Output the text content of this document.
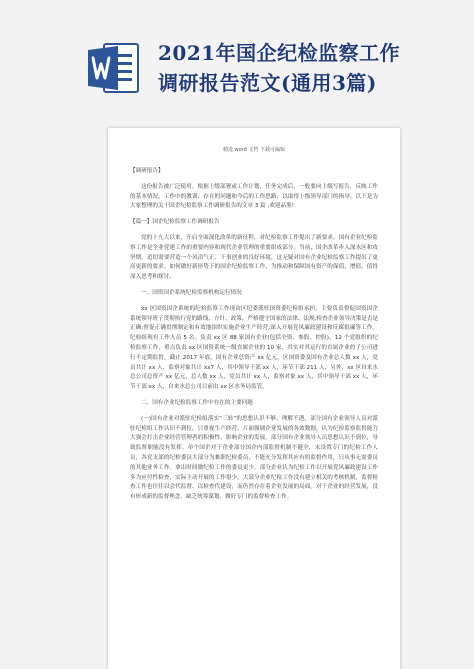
2021年国企纪检监察工作
调研报告范文(通用3篇)
精选 word 文档 下载可编辑

【调研报告】

这份报告被广泛使用。根据上级部署或工作计划，任务完成后，一般要向上级写报告，反映工作的基本情况、工作中的教训、存在的问题和今后的工作思路，以取得上级领导部门的指导。以下是为大家整理的关于国企纪检监察工作调研报告的文章 3 篇 ,欢迎品鉴!

【篇一】国企纪检监察工作调研报告

党的十九大以来，开启全面深化改革的新征程，对纪检监察工作提出了新要求。国有企业纪检监察工作是全业党建工作的重要内容和现代企业管理的重要组成部分。当前，国企改革步入深水区和攻坚期，追切需要营造一个风清气正、干事创业的良好环境，这无疑对国有企业纪检监察工作提出了更高更新的要求。如何做好新形势下的国企纪检监察工作，为推动和保障国有资产的保值、增值，值得深入思考和探讨。

一、国资国企系统纪检监察机构运行情况

xx 区国资国企系统的纪检监察工作现由区纪委派驻国资委纪检组承担，主要负责督促国资国企系统领导班子贯彻执行党的路线、方针、政策，严格遵守国家的法律、法规;检查企业领导决策是否是正确;督促正确贯彻制定和有效地组织实施企业生产经营;深入开展党风廉政建设和反腐倡廉等工作。纪检组现有工作人员 5 名。负责 xx 区 88 家国有企业(包括全资、参股、控股)、12 个党组织的纪检监察工作，重点负责 xx 区国资系统一级直属企业的 10 家，其实对其运行的直属企业的子公司进行不定期监督。截止 2017 年底，国有企业总资产 xx 亿元，区国资委及国有企业总人数 xx 人，党员共计 xx 人，监察对象共计 xx7 人，其中领导干部 xx 人，环节干部 211 人，另外，xx 区自来水总公司总资产 xx 亿元，总人数 xx 人，党员共计 xx 人，监察对象 xx 人，其中领导干部 xx 人，环节干部 xx 人，自来水总公司目前由 xx 区水务局监管。

二、国有企业纪检监察工作中存在的主要问题

(一)国有企业对派驻纪检组落实“三转”的思想认识不够、理解不透，部分国有企业领导人员对派驻纪检组工作认识不到位，只重视生产经营，片面强调企业发展的各效数据，认为纪检监察监督能力大强会打击企业经营管理者的积极性，影响企业的发展。部分国有企业领导人员思想认识不到位，导致监督职能没有发挥。单个国企对于企业部分国企内部监督机制不健全，未设置专门的纪检工作人员，各党支部的纪检委员大部分为兼职纪检委员，不能充分发挥其应有的监督作用，只从事无需委员的其他业务工作。拿出时间做纪检工作的委员更少，部分企业认为纪检工作以开展党风廉政建设工作多为应付性检查，实际主动开展的工作很少，大部分企业纪检工作没有建立相关的考核机制，监督检查工作也往往以会代监督、以检查代建设，而仍然存在着企业发展的局面。对于企业的经营发展，没有形成新的监督理念，缺乏统筹谋划、做好专门的监督检查工作。
